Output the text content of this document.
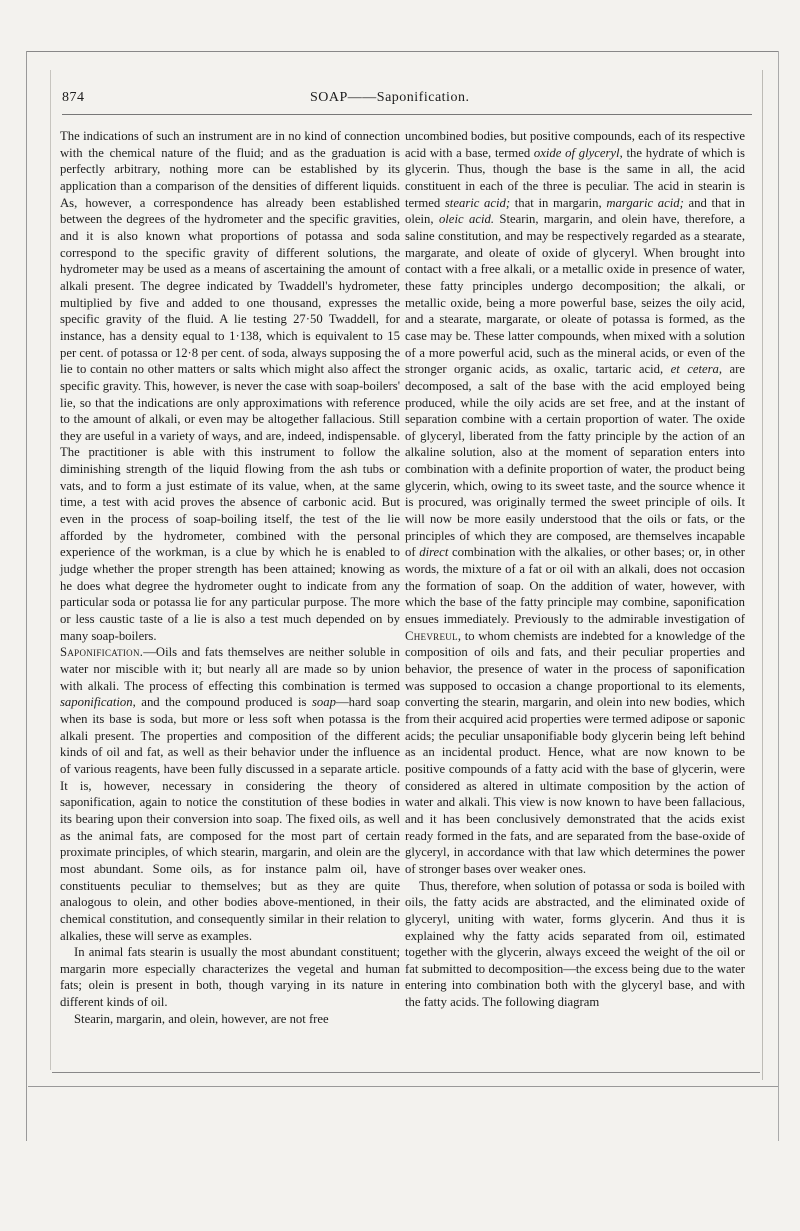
874	SOAP——Saponification.

The indications of such an instrument are in no kind of connection with the chemical nature of the fluid; and as the graduation is perfectly arbitrary, nothing more can be established by its application than a comparison of the densities of different liquids. As, however, a correspondence has already been established between the degrees of the hydrometer and the specific gravities, and it is also known what proportions of potassa and soda correspond to the specific gravity of different solutions, the hydrometer may be used as a means of ascertaining the amount of alkali present. The degree indicated by Twaddell's hydrometer, multiplied by five and added to one thousand, expresses the specific gravity of the fluid. A lie testing 27·50 Twaddell, for instance, has a density equal to 1·138, which is equivalent to 15 per cent. of potassa or 12·8 per cent. of soda, always supposing the lie to contain no other matters or salts which might also affect the specific gravity. This, however, is never the case with soap-boilers' lie, so that the indications are only approximations with reference to the amount of alkali, or even may be altogether fallacious. Still they are useful in a variety of ways, and are, indeed, indispensable. The practitioner is able with this instrument to follow the diminishing strength of the liquid flowing from the ash tubs or vats, and to form a just estimate of its value, when, at the same time, a test with acid proves the absence of carbonic acid. But even in the process of soap-boiling itself, the test of the lie afforded by the hydrometer, combined with the personal experience of the workman, is a clue by which he is enabled to judge whether the proper strength has been attained; knowing as he does what degree the hydrometer ought to indicate from any particular soda or potassa lie for any particular purpose. The more or less caustic taste of a lie is also a test much depended on by many soap-boilers.

Saponification.—Oils and fats themselves are neither soluble in water nor miscible with it; but nearly all are made so by union with alkali. The process of effecting this combination is termed saponification, and the compound produced is soap—hard soap when its base is soda, but more or less soft when potassa is the alkali present. The properties and composition of the different kinds of oil and fat, as well as their behavior under the influence of various reagents, have been fully discussed in a separate article. It is, however, necessary in considering the theory of saponification, again to notice the constitution of these bodies in its bearing upon their conversion into soap. The fixed oils, as well as the animal fats, are composed for the most part of certain proximate principles, of which stearin, margarin, and olein are the most abundant. Some oils, as for instance palm oil, have constituents peculiar to themselves; but as they are quite analogous to olein, and other bodies above-mentioned, in their chemical constitution, and consequently similar in their relation to alkalies, these will serve as examples.

In animal fats stearin is usually the most abundant constituent; margarin more especially characterizes the vegetal and human fats; olein is present in both, though varying in its nature in different kinds of oil.

Stearin, margarin, and olein, however, are not free

uncombined bodies, but positive compounds, each of its respective acid with a base, termed oxide of glyceryl, the hydrate of which is glycerin. Thus, though the base is the same in all, the acid constituent in each of the three is peculiar. The acid in stearin is termed stearic acid; that in margarin, margaric acid; and that in olein, oleic acid. Stearin, margarin, and olein have, therefore, a saline constitution, and may be respectively regarded as a stearate, margarate, and oleate of oxide of glyceryl. When brought into contact with a free alkali, or a metallic oxide in presence of water, these fatty principles undergo decomposition; the alkali, or metallic oxide, being a more powerful base, seizes the oily acid, and a stearate, margarate, or oleate of potassa is formed, as the case may be. These latter compounds, when mixed with a solution of a more powerful acid, such as the mineral acids, or even of the stronger organic acids, as oxalic, tartaric acid, et cetera, are decomposed, a salt of the base with the acid employed being produced, while the oily acids are set free, and at the instant of separation combine with a certain proportion of water. The oxide of glyceryl, liberated from the fatty principle by the action of an alkaline solution, also at the moment of separation enters into combination with a definite proportion of water, the product being glycerin, which, owing to its sweet taste, and the source whence it is procured, was originally termed the sweet principle of oils. It will now be more easily understood that the oils or fats, or the principles of which they are composed, are themselves incapable of direct combination with the alkalies, or other bases; or, in other words, the mixture of a fat or oil with an alkali, does not occasion the formation of soap. On the addition of water, however, with which the base of the fatty principle may combine, saponification ensues immediately. Previously to the admirable investigation of Chevreul, to whom chemists are indebted for a knowledge of the composition of oils and fats, and their peculiar properties and behavior, the presence of water in the process of saponification was supposed to occasion a change proportional to its elements, converting the stearin, margarin, and olein into new bodies, which from their acquired acid properties were termed adipose or saponic acids; the peculiar unsaponifiable body glycerin being left behind as an incidental product. Hence, what are now known to be positive compounds of a fatty acid with the base of glycerin, were considered as altered in ultimate composition by the action of water and alkali. This view is now known to have been fallacious, and it has been conclusively demonstrated that the acids exist ready formed in the fats, and are separated from the base-oxide of glyceryl, in accordance with that law which determines the power of stronger bases over weaker ones.

Thus, therefore, when solution of potassa or soda is boiled with oils, the fatty acids are abstracted, and the eliminated oxide of glyceryl, uniting with water, forms glycerin. And thus it is explained why the fatty acids separated from oil, estimated together with the glycerin, always exceed the weight of the oil or fat submitted to decomposition—the excess being due to the water entering into combination both with the glyceryl base, and with the fatty acids. The following diagram
